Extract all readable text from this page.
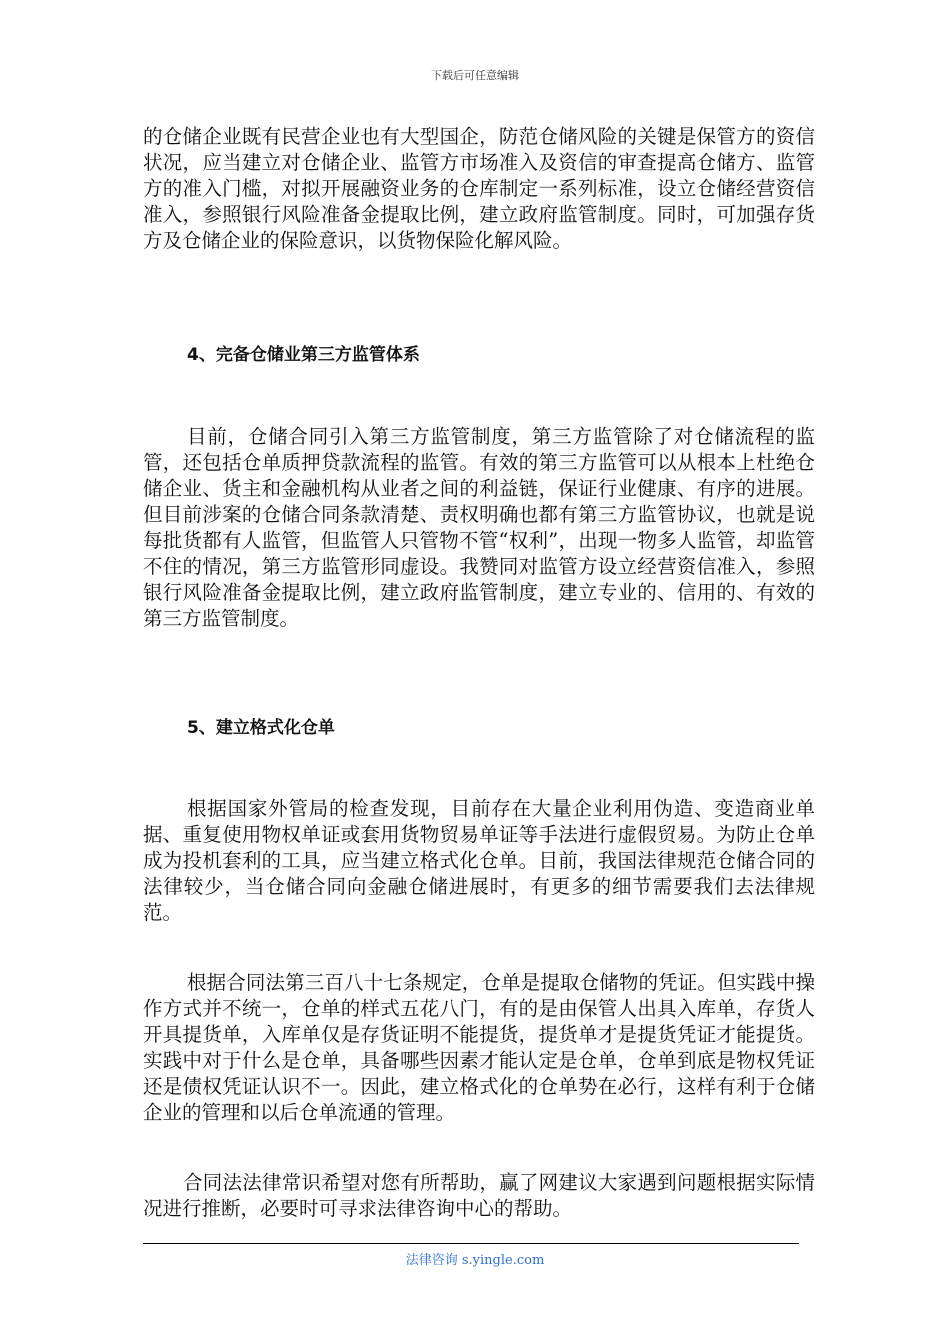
下载后可任意编辑

的仓储企业既有民营企业也有大型国企，防范仓储风险的关键是保管方的资信状况，应当建立对仓储企业、监管方市场准入及资信的审查提高仓储方、监管方的准入门槛，对拟开展融资业务的仓库制定一系列标准，设立仓储经营资信准入，参照银行风险准备金提取比例，建立政府监管制度。同时，可加强存货方及仓储企业的保险意识，以货物保险化解风险。

4、完备仓储业第三方监管体系

目前，仓储合同引入第三方监管制度，第三方监管除了对仓储流程的监管，还包括仓单质押贷款流程的监管。有效的第三方监管可以从根本上杜绝仓储企业、货主和金融机构从业者之间的利益链，保证行业健康、有序的进展。但目前涉案的仓储合同条款清楚、责权明确也都有第三方监管协议，也就是说每批货都有人监管，但监管人只管物不管“权利”，出现一物多人监管，却监管不住的情况，第三方监管形同虚设。我赞同对监管方设立经营资信准入，参照银行风险准备金提取比例，建立政府监管制度，建立专业的、信用的、有效的第三方监管制度。

5、建立格式化仓单

根据国家外管局的检查发现，目前存在大量企业利用伪造、变造商业单据、重复使用物权单证或套用货物贸易单证等手法进行虚假贸易。为防止仓单成为投机套利的工具，应当建立格式化仓单。目前，我国法律规范仓储合同的法律较少，当仓储合同向金融仓储进展时，有更多的细节需要我们去法律规范。

根据合同法第三百八十七条规定，仓单是提取仓储物的凭证。但实践中操作方式并不统一，仓单的样式五花八门，有的是由保管人出具入库单，存货人开具提货单，入库单仅是存货证明不能提货，提货单才是提货凭证才能提货。实践中对于什么是仓单，具备哪些因素才能认定是仓单，仓单到底是物权凭证还是债权凭证认识不一。因此，建立格式化的仓单势在必行，这样有利于仓储企业的管理和以后仓单流通的管理。

合同法法律常识希望对您有所帮助，赢了网建议大家遇到问题根据实际情况进行推断，必要时可寻求法律咨询中心的帮助。

法律咨询 s.yingle.com
